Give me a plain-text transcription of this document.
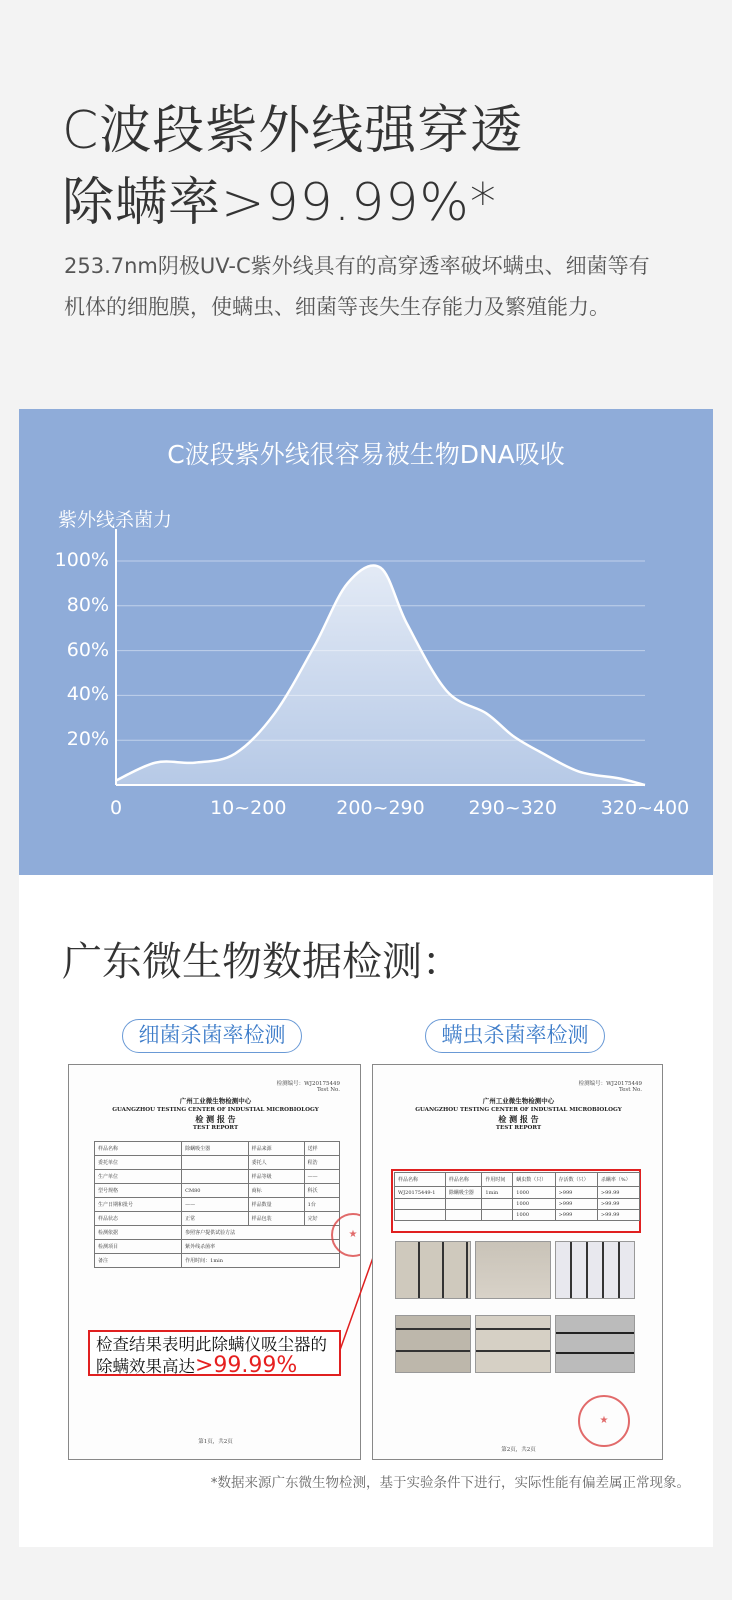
C波段紫外线强穿透
除螨率>99.99%*
253.7nm阴极UV-C紫外线具有的高穿透率破坏螨虫、细菌等有机体的细胞膜，使螨虫、细菌等丧失生存能力及繁殖能力。
C波段紫外线很容易被生物DNA吸收
紫外线杀菌力
100%
80%
60%
40%
20%
0	10~200	200~290	290~320	320~400
广东微生物数据检测：
细菌杀菌率检测	螨虫杀菌率检测
检测编号：WJ20175449
Test No.
广州工业微生物检测中心
GUANGZHOU TESTING CENTER OF INDUSTIAL MICROBIOLOGY
检 测 报 告
TEST REPORT
样品名称	除螨吸尘器	样品来源	送样
委托单位		委托人	程浩
生产单位		样品等级	——
型号规格	CM80	商标	科沃
生产日期和批号	——	样品数量	1台
样品状态	正常	样品包装	完好
检测依据	参照客户提供试验方法		
检测项目	紫外线杀菌率		
备注	作用时间：1min		
★
第1页，共2页
检查结果表明此除螨仪吸尘器的除螨效果高达>99.99%
检测编号：WJ20175449
Test No.
广州工业微生物检测中心
GUANGZHOU TESTING CENTER OF INDUSTIAL MICROBIOLOGY
检 测 报 告
TEST REPORT
样品名称	样品名称	作用时间	螨虫数（只）	存活数（只）	杀螨率（%）
WJ20175449-1	除螨吸尘器	1min	1000	>999	>99.99
			1000	>999	>99.99
			1000	>999	>99.99
★
第2页，共2页
*数据来源广东微生物检测，基于实验条件下进行，实际性能有偏差属正常现象。
